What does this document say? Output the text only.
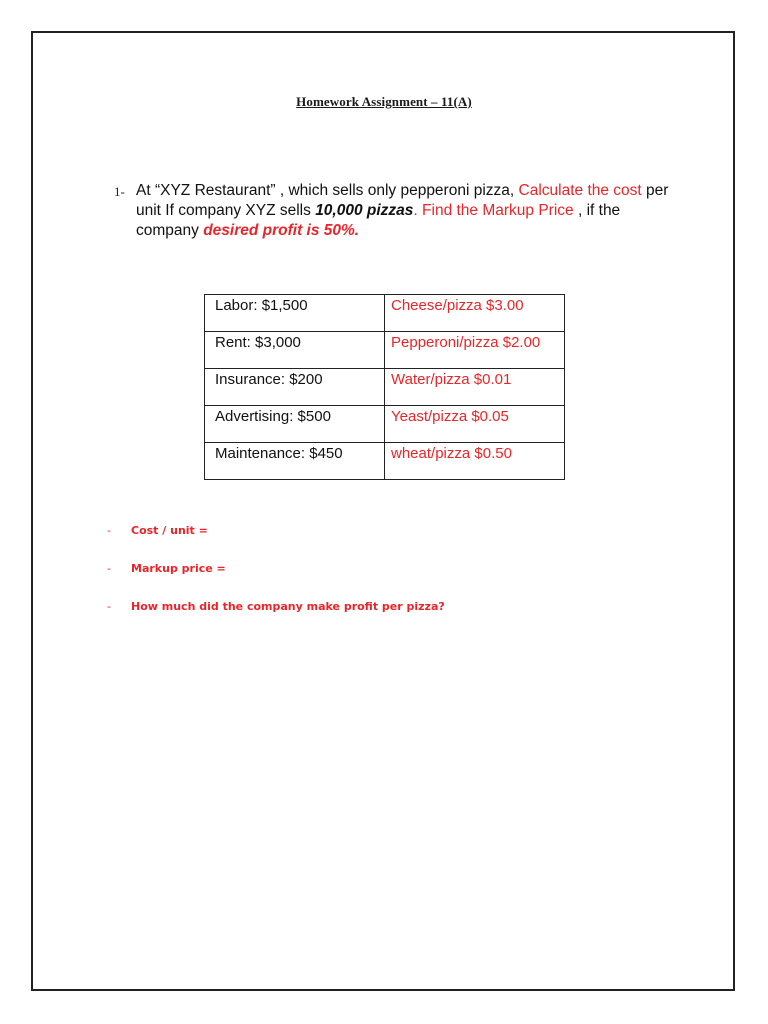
Homework Assignment – 11(A)
1- At “XYZ Restaurant” , which sells only pepperoni pizza, Calculate the cost per unit If company XYZ sells 10,000 pizzas. Find the Markup Price , if the company desired profit is 50%.
Labor: $1,500	Cheese/pizza $3.00
Rent: $3,000	Pepperoni/pizza $2.00
Insurance: $200	Water/pizza $0.01
Advertising: $500	Yeast/pizza $0.05
Maintenance: $450	wheat/pizza $0.50
-	Cost / unit =
-	Markup price =
-	How much did the company make profit per pizza?
